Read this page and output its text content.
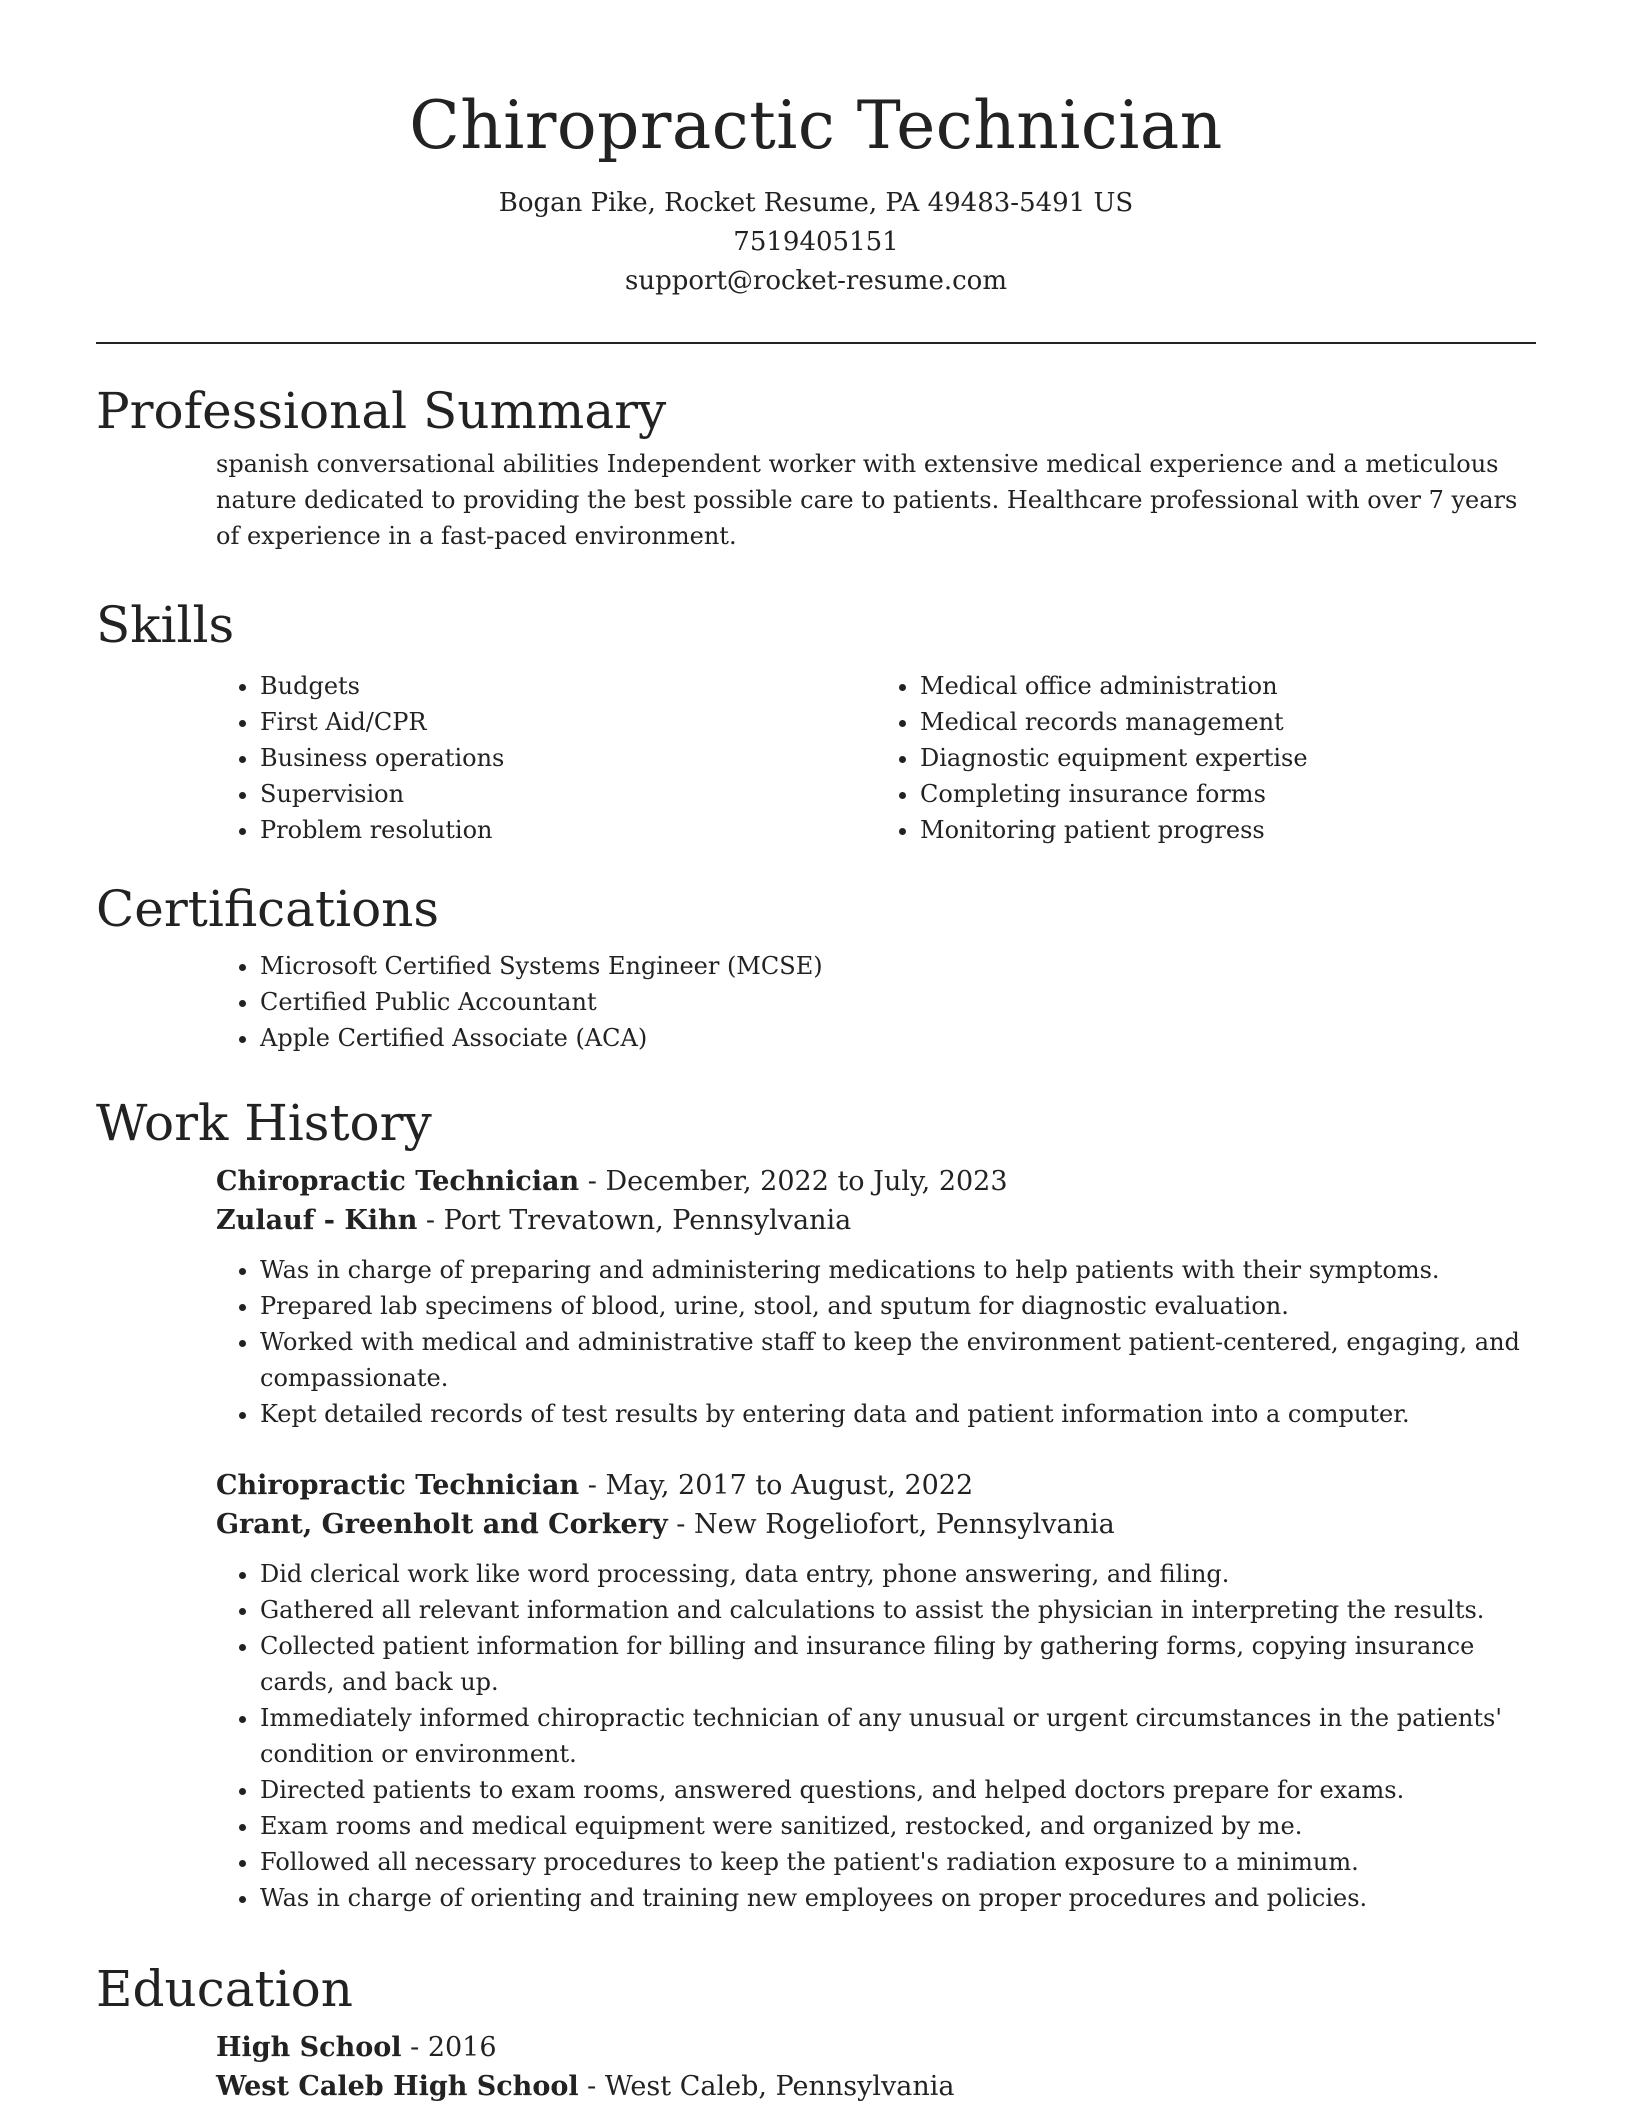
Chiropractic Technician
Bogan Pike, Rocket Resume, PA 49483-5491 US
7519405151
support@rocket-resume.com
Professional Summary

spanish conversational abilities Independent worker with extensive medical experience and a meticulous nature dedicated to providing the best possible care to patients. Healthcare professional with over 7 years of experience in a fast-paced environment.

Skills
• Budgets
• First Aid/CPR
• Business operations
• Supervision
• Problem resolution
• Medical office administration
• Medical records management
• Diagnostic equipment expertise
• Completing insurance forms
• Monitoring patient progress
Certifications
• Microsoft Certified Systems Engineer (MCSE)
• Certified Public Accountant
• Apple Certified Associate (ACA)
Work History
Chiropractic Technician - December, 2022 to July, 2023
Zulauf - Kihn - Port Trevatown, Pennsylvania
• Was in charge of preparing and administering medications to help patients with their symptoms.
• Prepared lab specimens of blood, urine, stool, and sputum for diagnostic evaluation.
• Worked with medical and administrative staff to keep the environment patient-centered, engaging, and compassionate.
• Kept detailed records of test results by entering data and patient information into a computer.
Chiropractic Technician - May, 2017 to August, 2022
Grant, Greenholt and Corkery - New Rogeliofort, Pennsylvania
• Did clerical work like word processing, data entry, phone answering, and filing.
• Gathered all relevant information and calculations to assist the physician in interpreting the results.
• Collected patient information for billing and insurance filing by gathering forms, copying insurance cards, and back up.
• Immediately informed chiropractic technician of any unusual or urgent circumstances in the patients' condition or environment.
• Directed patients to exam rooms, answered questions, and helped doctors prepare for exams.
• Exam rooms and medical equipment were sanitized, restocked, and organized by me.
• Followed all necessary procedures to keep the patient's radiation exposure to a minimum.
• Was in charge of orienting and training new employees on proper procedures and policies.
Education
High School - 2016
West Caleb High School - West Caleb, Pennsylvania
